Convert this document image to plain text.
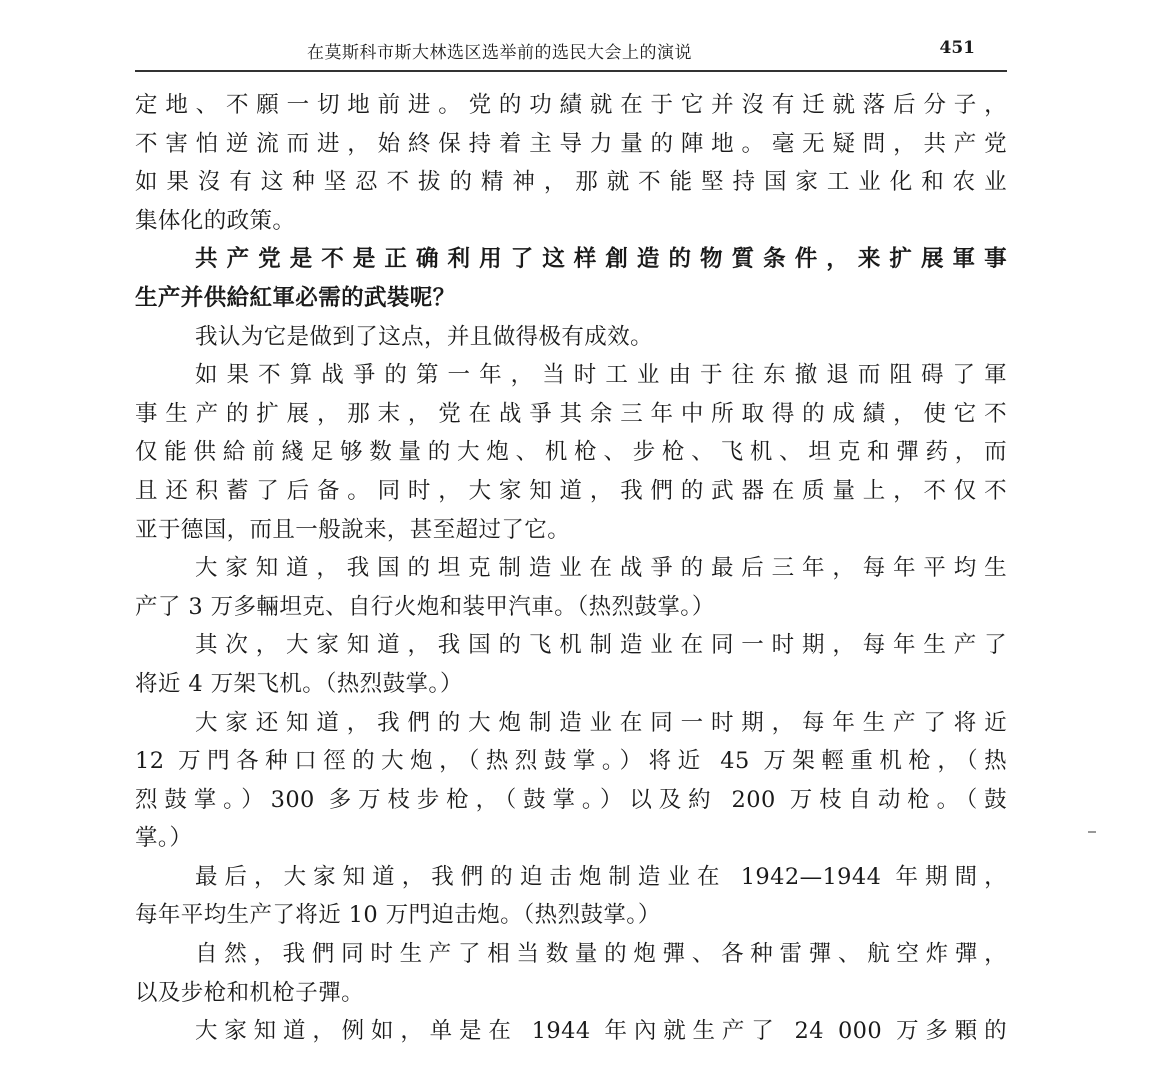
在莫斯科市斯大林选区选举前的选民大会上的演说	451
定地、不願一切地前进。党的功績就在于它并沒有迁就落后分子，
不害怕逆流而进，始終保持着主导力量的陣地。毫无疑問，共产党
如果沒有这种坚忍不拔的精神，那就不能堅持国家工业化和农业
集体化的政策。
共产党是不是正确利用了这样創造的物質条件，来扩展軍事
生产并供給紅軍必需的武裝呢？
我认为它是做到了这点，并且做得极有成效。
如果不算战爭的第一年，当时工业由于往东撤退而阻碍了軍
事生产的扩展，那末，党在战爭其余三年中所取得的成績，使它不
仅能供給前綫足够数量的大炮、机枪、步枪、飞机、坦克和彈药，而
且还积蓄了后备。同时，大家知道，我們的武器在质量上，不仅不
亚于德国，而且一般說来，甚至超过了它。
大家知道，我国的坦克制造业在战爭的最后三年，每年平均生
产了 3 万多輛坦克、自行火炮和装甲汽車。（热烈鼓掌。）
其次，大家知道，我国的飞机制造业在同一时期，每年生产了
将近 4 万架飞机。（热烈鼓掌。）
大家还知道，我們的大炮制造业在同一时期，每年生产了将近
12 万門各种口徑的大炮，（热烈鼓掌。）将近 45 万架輕重机枪，（热
烈鼓掌。）300 多万枝步枪，（鼓掌。）以及約 200 万枝自动枪。（鼓
掌。）
最后，大家知道，我們的迫击炮制造业在 1942—1944 年期間，
每年平均生产了将近 10 万門迫击炮。（热烈鼓掌。）
自然，我們同时生产了相当数量的炮彈、各种雷彈、航空炸彈，
以及步枪和机枪子彈。
大家知道，例如，单是在 1944 年內就生产了 24 000 万多顆的
